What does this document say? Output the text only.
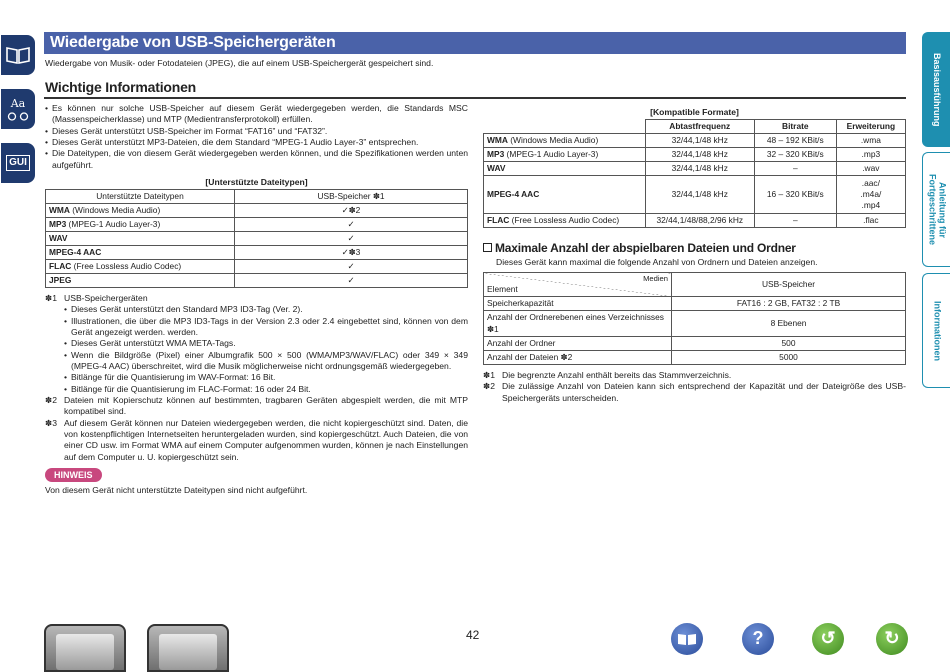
Aa
GUI
Wiedergabe von USB-Speichergeräten
Wiedergabe von Musik- oder Fotodateien (JPEG), die auf einem USB-Speichergerät gespeichert sind.
Wichtige Informationen
• Es können nur solche USB-Speicher auf diesem Gerät wiedergegeben werden, die Standards MSC (Massenspeicherklasse) und MTP (Medientransferprotokoll) erfüllen.
• Dieses Gerät unterstützt USB-Speicher im Format “FAT16” und “FAT32”.
• Dieses Gerät unterstützt MP3-Dateien, die dem Standard “MPEG-1 Audio Layer-3” entsprechen.
• Die Dateitypen, die von diesem Gerät wiedergegeben werden können, und die Spezifikationen werden unten aufgeführt.
[Unterstützte Dateitypen]
Unterstützte Dateitypen	USB-Speicher ✽1
WMA (Windows Media Audio)	✓✽2
MP3 (MPEG-1 Audio Layer-3)	✓
WAV	✓
MPEG-4 AAC	✓✽3
FLAC (Free Lossless Audio Codec)	✓
JPEG	✓
✽1 USB-Speichergeräten
• Dieses Gerät unterstützt den Standard MP3 ID3-Tag (Ver. 2).
• Illustrationen, die über die MP3 ID3-Tags in der Version 2.3 oder 2.4 eingebettet sind, können von dem Gerät angezeigt werden. werden.
• Dieses Gerät unterstützt WMA META-Tags.
• Wenn die Bildgröße (Pixel) einer Albumgrafik 500 × 500 (WMA/MP3/WAV/FLAC) oder 349 × 349 (MPEG-4 AAC) überschreitet, wird die Musik möglicherweise nicht ordnungsgemäß wiedergegeben.
• Bitlänge für die Quantisierung im WAV-Format: 16 Bit.
• Bitlänge für die Quantisierung im FLAC-Format: 16 oder 24 Bit.
✽2 Dateien mit Kopierschutz können auf bestimmten, tragbaren Geräten abgespielt werden, die mit MTP kompatibel sind.
✽3 Auf diesem Gerät können nur Dateien wiedergegeben werden, die nicht kopiergeschützt sind. Daten, die von kostenpflichtigen Internetseiten heruntergeladen wurden, sind kopiergeschützt. Auch Dateien, die von einer CD usw. im Format WMA auf einem Computer aufgenommen wurden, können je nach Einstellungen auf dem Computer u. U. kopiergeschützt sein.
HINWEIS
Von diesem Gerät nicht unterstützte Dateitypen sind nicht aufgeführt.
[Kompatible Formate]
	Abtastfrequenz	Bitrate	Erweiterung
WMA (Windows Media Audio)	32/44,1/48 kHz	48 – 192 KBit/s	.wma
MP3 (MPEG-1 Audio Layer-3)	32/44,1/48 kHz	32 – 320 KBit/s	.mp3
WAV	32/44,1/48 kHz	–	.wav
MPEG-4 AAC	32/44,1/48 kHz	16 – 320 KBit/s	.aac/ .m4a/ .mp4
FLAC (Free Lossless Audio Codec)	32/44,1/48/88,2/96 kHz	–	.flac
Maximale Anzahl der abspielbaren Dateien und Ordner
Dieses Gerät kann maximal die folgende Anzahl von Ordnern und Dateien anzeigen.
Medien
Element	USB-Speicher
Speicherkapazität	FAT16 : 2 GB, FAT32 : 2 TB
Anzahl der Ordnerebenen eines Verzeichnisses ✽1	8 Ebenen
Anzahl der Ordner	500
Anzahl der Dateien ✽2	5000
✽1 Die begrenzte Anzahl enthält bereits das Stammverzeichnis.
✽2 Die zulässige Anzahl von Dateien kann sich entsprechend der Kapazität und der Dateigröße des USB-Speichergeräts unterscheiden.
Basisausführung
Anleitung für Fortgeschrittene
Informationen
42	?	↺	↻
